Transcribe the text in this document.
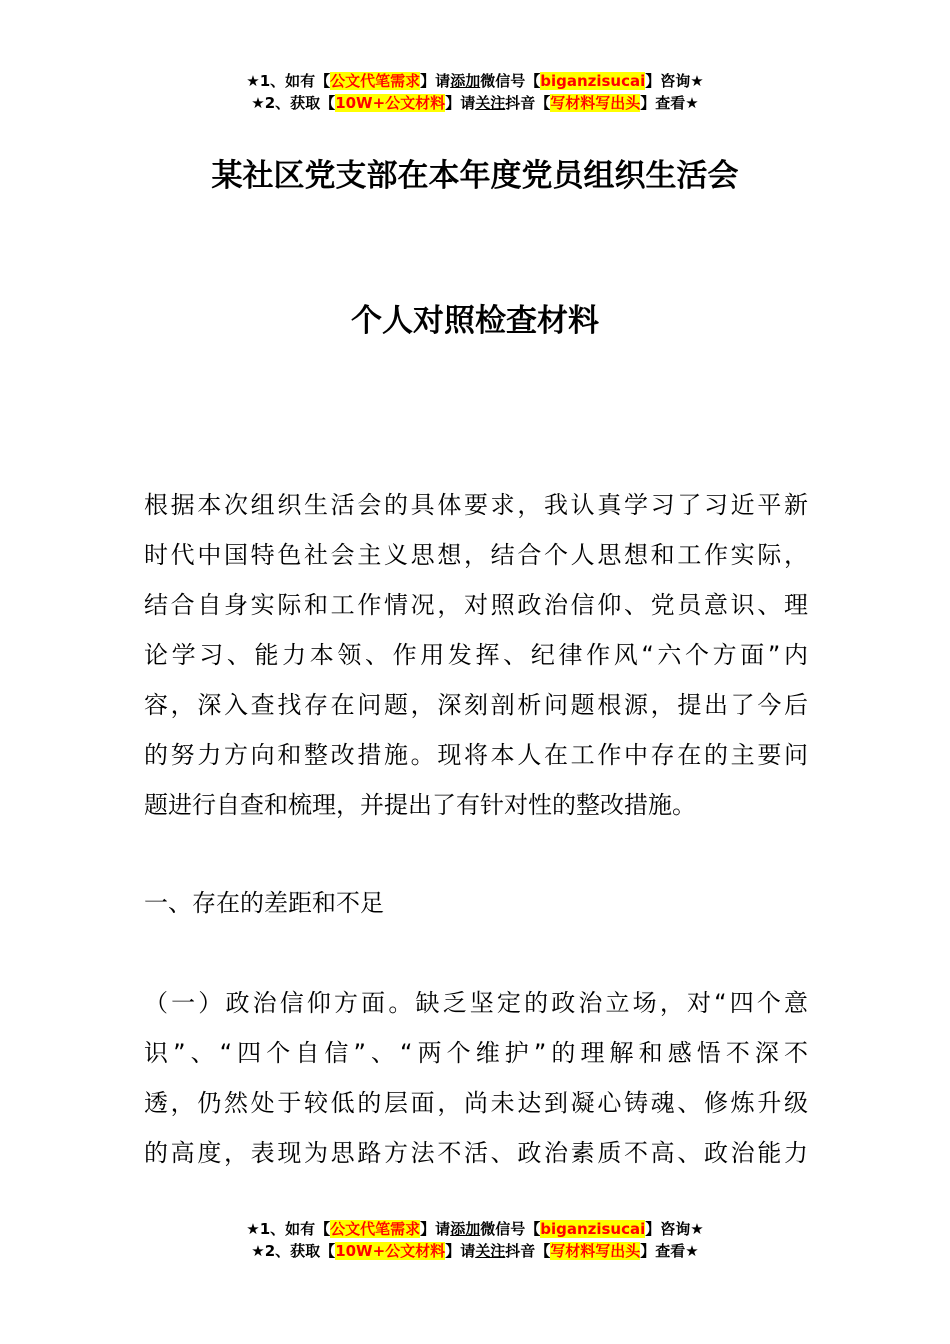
★1、如有【公文代笔需求】请添加微信号【biganzisucai】咨询★
★2、获取【10W+公文材料】请关注抖音【写材料写出头】查看★
某社区党支部在本年度党员组织生活会
个人对照检查材料

根据本次组织生活会的具体要求，我认真学习了习近平新

时代中国特色社会主义思想，结合个人思想和工作实际，

结合自身实际和工作情况，对照政治信仰、党员意识、理

论学习、能力本领、作用发挥、纪律作风“六个方面”内

容，深入查找存在问题，深刻剖析问题根源，提出了今后

的努力方向和整改措施。现将本人在工作中存在的主要问

题进行自查和梳理，并提出了有针对性的整改措施。

一、存在的差距和不足

（一）政治信仰方面。缺乏坚定的政治立场，对“四个意

识”、“四个自信”、“两个维护”的理解和感悟不深不

透，仍然处于较低的层面，尚未达到凝心铸魂、修炼升级

的高度，表现为思路方法不活、政治素质不高、政治能力

★1、如有【公文代笔需求】请添加微信号【biganzisucai】咨询★
★2、获取【10W+公文材料】请关注抖音【写材料写出头】查看★
